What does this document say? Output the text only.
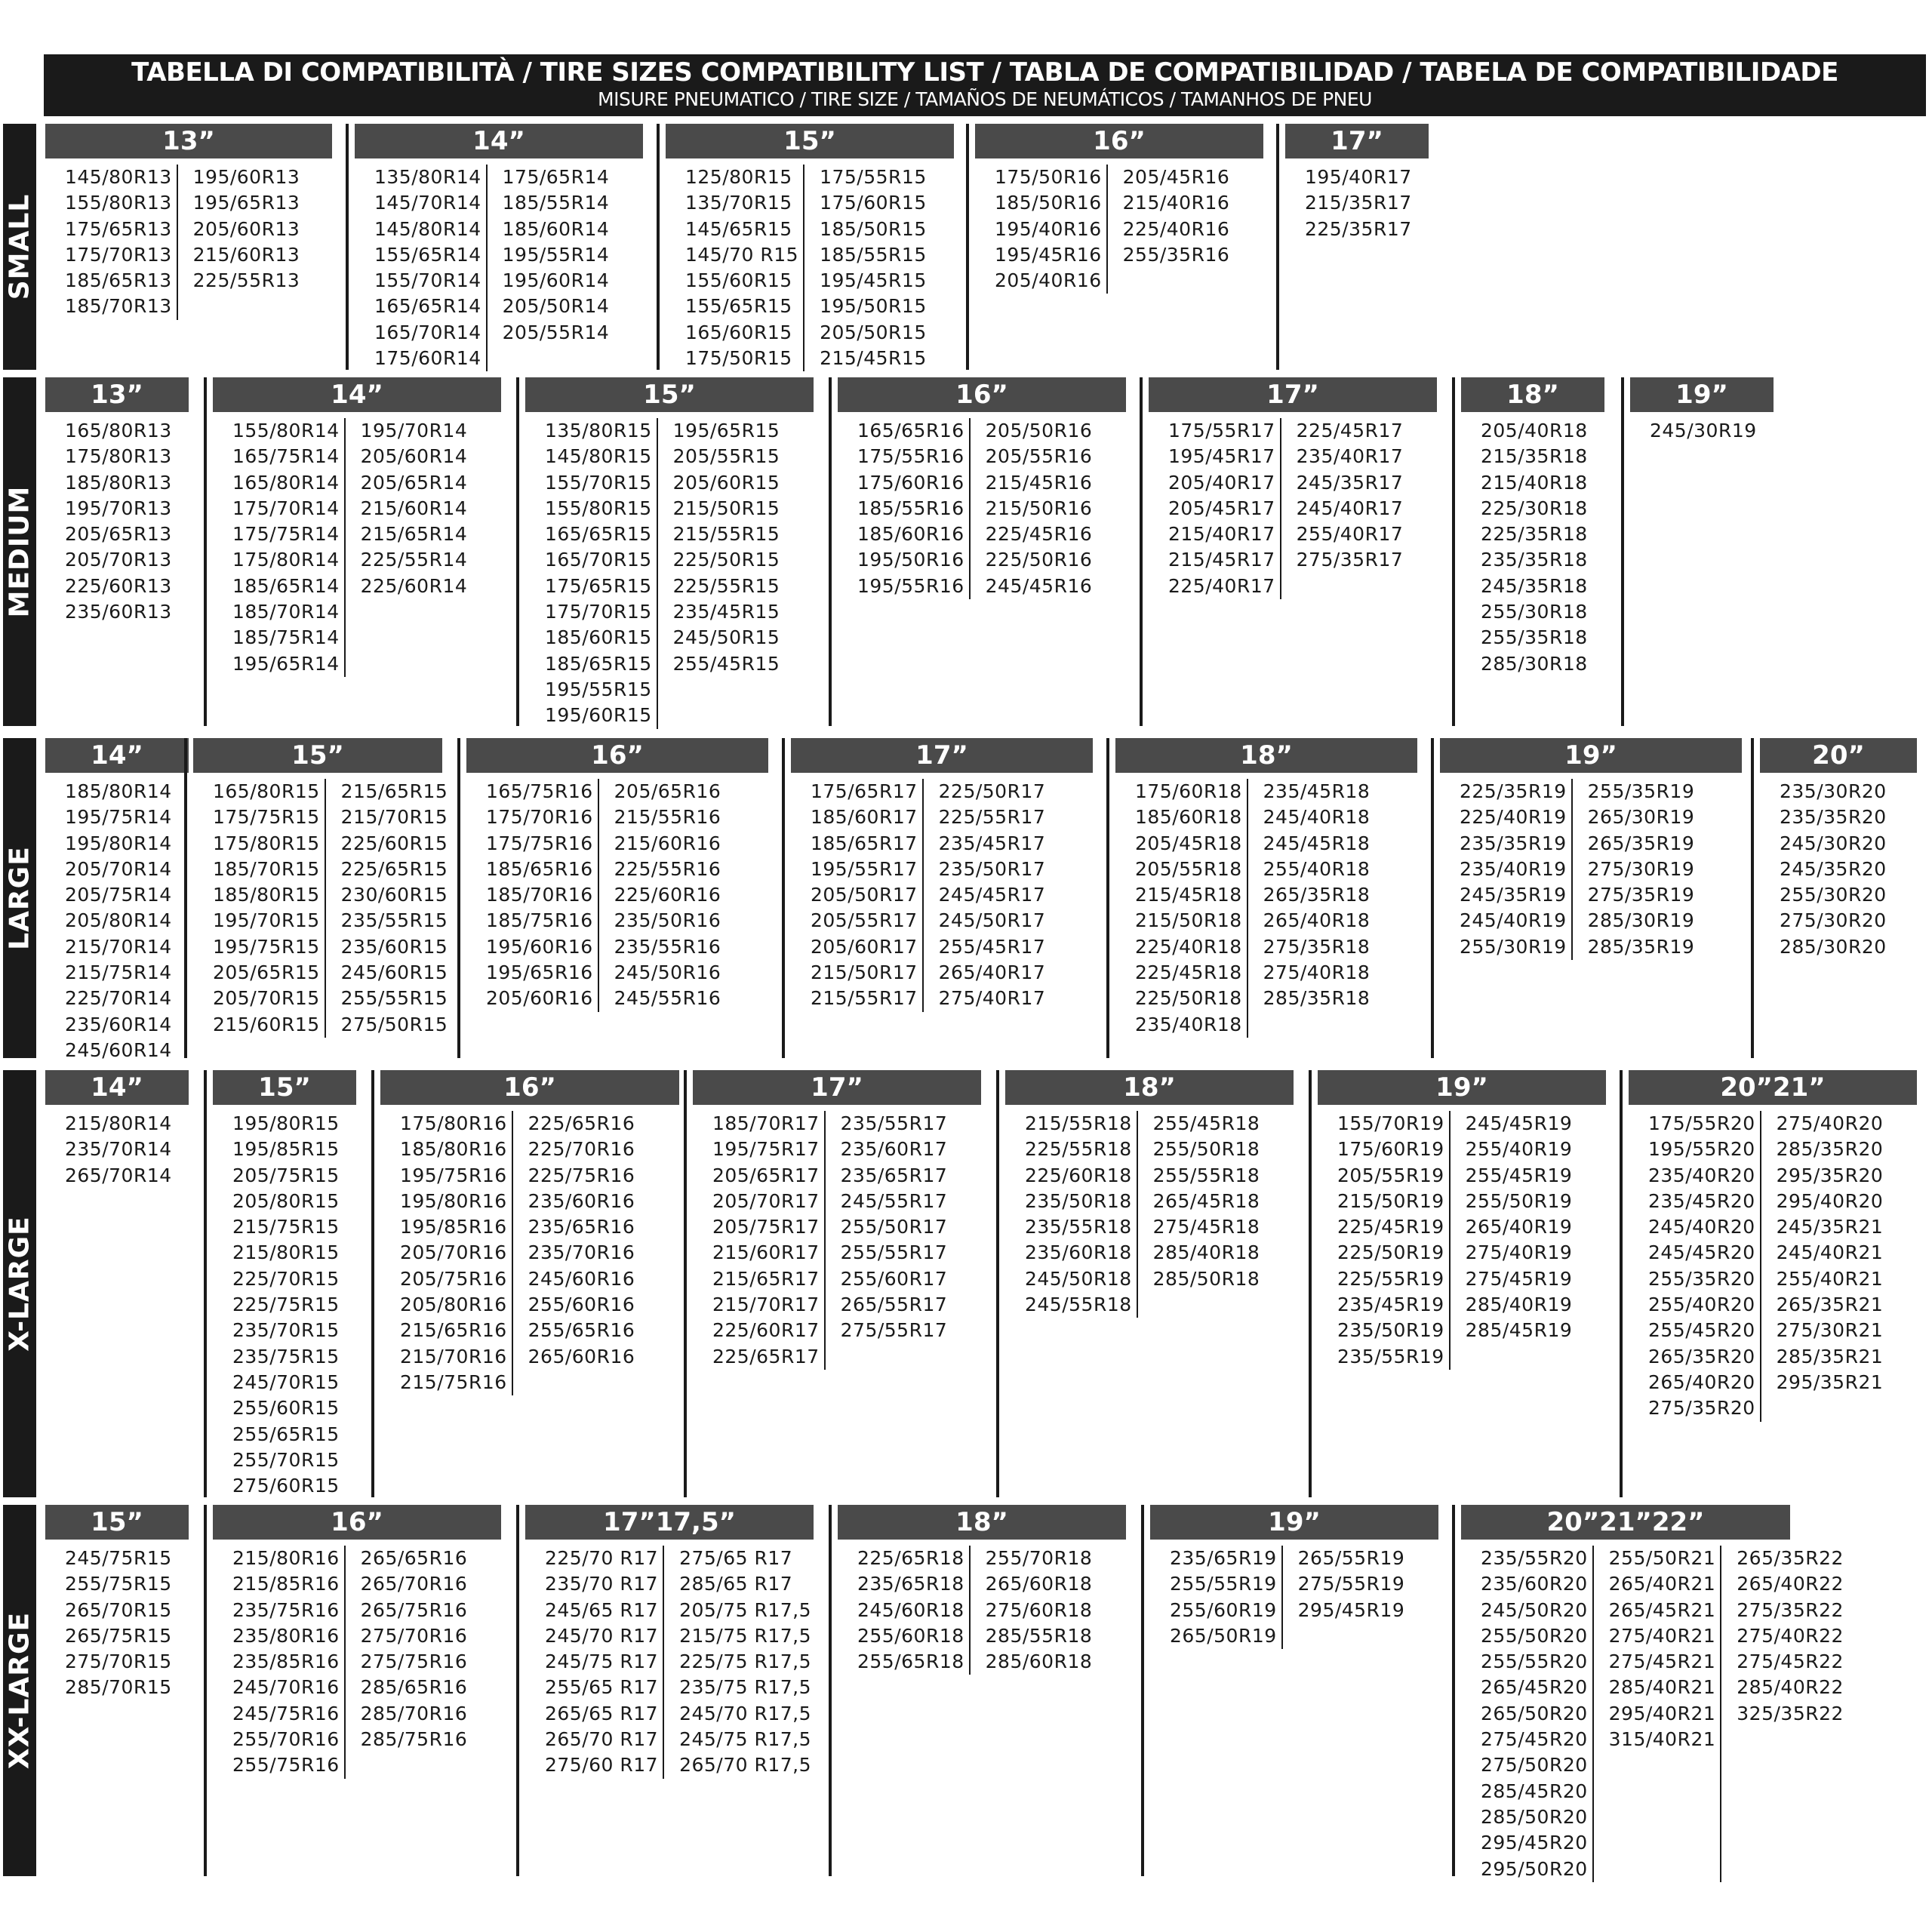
TABELLA DI COMPATIBILITÀ / TIRE SIZES COMPATIBILITY LIST / TABLA DE COMPATIBILIDAD / TABELA DE COMPATIBILIDADE
MISURE PNEUMATICO / TIRE SIZE / TAMAÑOS DE NEUMÁTICOS / TAMANHOS DE PNEU
SMALL
13”
145/80R13
155/80R13
175/65R13
175/70R13
185/65R13
185/70R13
195/60R13
195/65R13
205/60R13
215/60R13
225/55R13
14”
135/80R14
145/70R14
145/80R14
155/65R14
155/70R14
165/65R14
165/70R14
175/60R14
175/65R14
185/55R14
185/60R14
195/55R14
195/60R14
205/50R14
205/55R14
15”
125/80R15
135/70R15
145/65R15
145/70 R15
155/60R15
155/65R15
165/60R15
175/50R15
175/55R15
175/60R15
185/50R15
185/55R15
195/45R15
195/50R15
205/50R15
215/45R15
16”
175/50R16
185/50R16
195/40R16
195/45R16
205/40R16
205/45R16
215/40R16
225/40R16
255/35R16
17”
195/40R17
215/35R17
225/35R17
MEDIUM
13”
165/80R13
175/80R13
185/80R13
195/70R13
205/65R13
205/70R13
225/60R13
235/60R13
14”
155/80R14
165/75R14
165/80R14
175/70R14
175/75R14
175/80R14
185/65R14
185/70R14
185/75R14
195/65R14
195/70R14
205/60R14
205/65R14
215/60R14
215/65R14
225/55R14
225/60R14
15”
135/80R15
145/80R15
155/70R15
155/80R15
165/65R15
165/70R15
175/65R15
175/70R15
185/60R15
185/65R15
195/55R15
195/60R15
195/65R15
205/55R15
205/60R15
215/50R15
215/55R15
225/50R15
225/55R15
235/45R15
245/50R15
255/45R15
16”
165/65R16
175/55R16
175/60R16
185/55R16
185/60R16
195/50R16
195/55R16
205/50R16
205/55R16
215/45R16
215/50R16
225/45R16
225/50R16
245/45R16
17”
175/55R17
195/45R17
205/40R17
205/45R17
215/40R17
215/45R17
225/40R17
225/45R17
235/40R17
245/35R17
245/40R17
255/40R17
275/35R17
18”
205/40R18
215/35R18
215/40R18
225/30R18
225/35R18
235/35R18
245/35R18
255/30R18
255/35R18
285/30R18
19”
245/30R19
LARGE
14”
185/80R14
195/75R14
195/80R14
205/70R14
205/75R14
205/80R14
215/70R14
215/75R14
225/70R14
235/60R14
245/60R14
15”
165/80R15
175/75R15
175/80R15
185/70R15
185/80R15
195/70R15
195/75R15
205/65R15
205/70R15
215/60R15
215/65R15
215/70R15
225/60R15
225/65R15
230/60R15
235/55R15
235/60R15
245/60R15
255/55R15
275/50R15
16”
165/75R16
175/70R16
175/75R16
185/65R16
185/70R16
185/75R16
195/60R16
195/65R16
205/60R16
205/65R16
215/55R16
215/60R16
225/55R16
225/60R16
235/50R16
235/55R16
245/50R16
245/55R16
17”
175/65R17
185/60R17
185/65R17
195/55R17
205/50R17
205/55R17
205/60R17
215/50R17
215/55R17
225/50R17
225/55R17
235/45R17
235/50R17
245/45R17
245/50R17
255/45R17
265/40R17
275/40R17
18”
175/60R18
185/60R18
205/45R18
205/55R18
215/45R18
215/50R18
225/40R18
225/45R18
225/50R18
235/40R18
235/45R18
245/40R18
245/45R18
255/40R18
265/35R18
265/40R18
275/35R18
275/40R18
285/35R18
19”
225/35R19
225/40R19
235/35R19
235/40R19
245/35R19
245/40R19
255/30R19
255/35R19
265/30R19
265/35R19
275/30R19
275/35R19
285/30R19
285/35R19
20”
235/30R20
235/35R20
245/30R20
245/35R20
255/30R20
275/30R20
285/30R20
X-LARGE
14”
215/80R14
235/70R14
265/70R14
15”
195/80R15
195/85R15
205/75R15
205/80R15
215/75R15
215/80R15
225/70R15
225/75R15
235/70R15
235/75R15
245/70R15
255/60R15
255/65R15
255/70R15
275/60R15
16”
175/80R16
185/80R16
195/75R16
195/80R16
195/85R16
205/70R16
205/75R16
205/80R16
215/65R16
215/70R16
215/75R16
225/65R16
225/70R16
225/75R16
235/60R16
235/65R16
235/70R16
245/60R16
255/60R16
255/65R16
265/60R16
17”
185/70R17
195/75R17
205/65R17
205/70R17
205/75R17
215/60R17
215/65R17
215/70R17
225/60R17
225/65R17
235/55R17
235/60R17
235/65R17
245/55R17
255/50R17
255/55R17
255/60R17
265/55R17
275/55R17
18”
215/55R18
225/55R18
225/60R18
235/50R18
235/55R18
235/60R18
245/50R18
245/55R18
255/45R18
255/50R18
255/55R18
265/45R18
275/45R18
285/40R18
285/50R18
19”
155/70R19
175/60R19
205/55R19
215/50R19
225/45R19
225/50R19
225/55R19
235/45R19
235/50R19
235/55R19
245/45R19
255/40R19
255/45R19
255/50R19
265/40R19
275/40R19
275/45R19
285/40R19
285/45R19
20”21”
175/55R20
195/55R20
235/40R20
235/45R20
245/40R20
245/45R20
255/35R20
255/40R20
255/45R20
265/35R20
265/40R20
275/35R20
275/40R20
285/35R20
295/35R20
295/40R20
245/35R21
245/40R21
255/40R21
265/35R21
275/30R21
285/35R21
295/35R21
XX-LARGE
15”
245/75R15
255/75R15
265/70R15
265/75R15
275/70R15
285/70R15
16”
215/80R16
215/85R16
235/75R16
235/80R16
235/85R16
245/70R16
245/75R16
255/70R16
255/75R16
265/65R16
265/70R16
265/75R16
275/70R16
275/75R16
285/65R16
285/70R16
285/75R16
17”17,5”
225/70 R17
235/70 R17
245/65 R17
245/70 R17
245/75 R17
255/65 R17
265/65 R17
265/70 R17
275/60 R17
275/65 R17
285/65 R17
205/75 R17,5
215/75 R17,5
225/75 R17,5
235/75 R17,5
245/70 R17,5
245/75 R17,5
265/70 R17,5
18”
225/65R18
235/65R18
245/60R18
255/60R18
255/65R18
255/70R18
265/60R18
275/60R18
285/55R18
285/60R18
19”
235/65R19
255/55R19
255/60R19
265/50R19
265/55R19
275/55R19
295/45R19
20”21”22”
235/55R20
235/60R20
245/50R20
255/50R20
255/55R20
265/45R20
265/50R20
275/45R20
275/50R20
285/45R20
285/50R20
295/45R20
295/50R20
255/50R21
265/40R21
265/45R21
275/40R21
275/45R21
285/40R21
295/40R21
315/40R21
265/35R22
265/40R22
275/35R22
275/40R22
275/45R22
285/40R22
325/35R22
